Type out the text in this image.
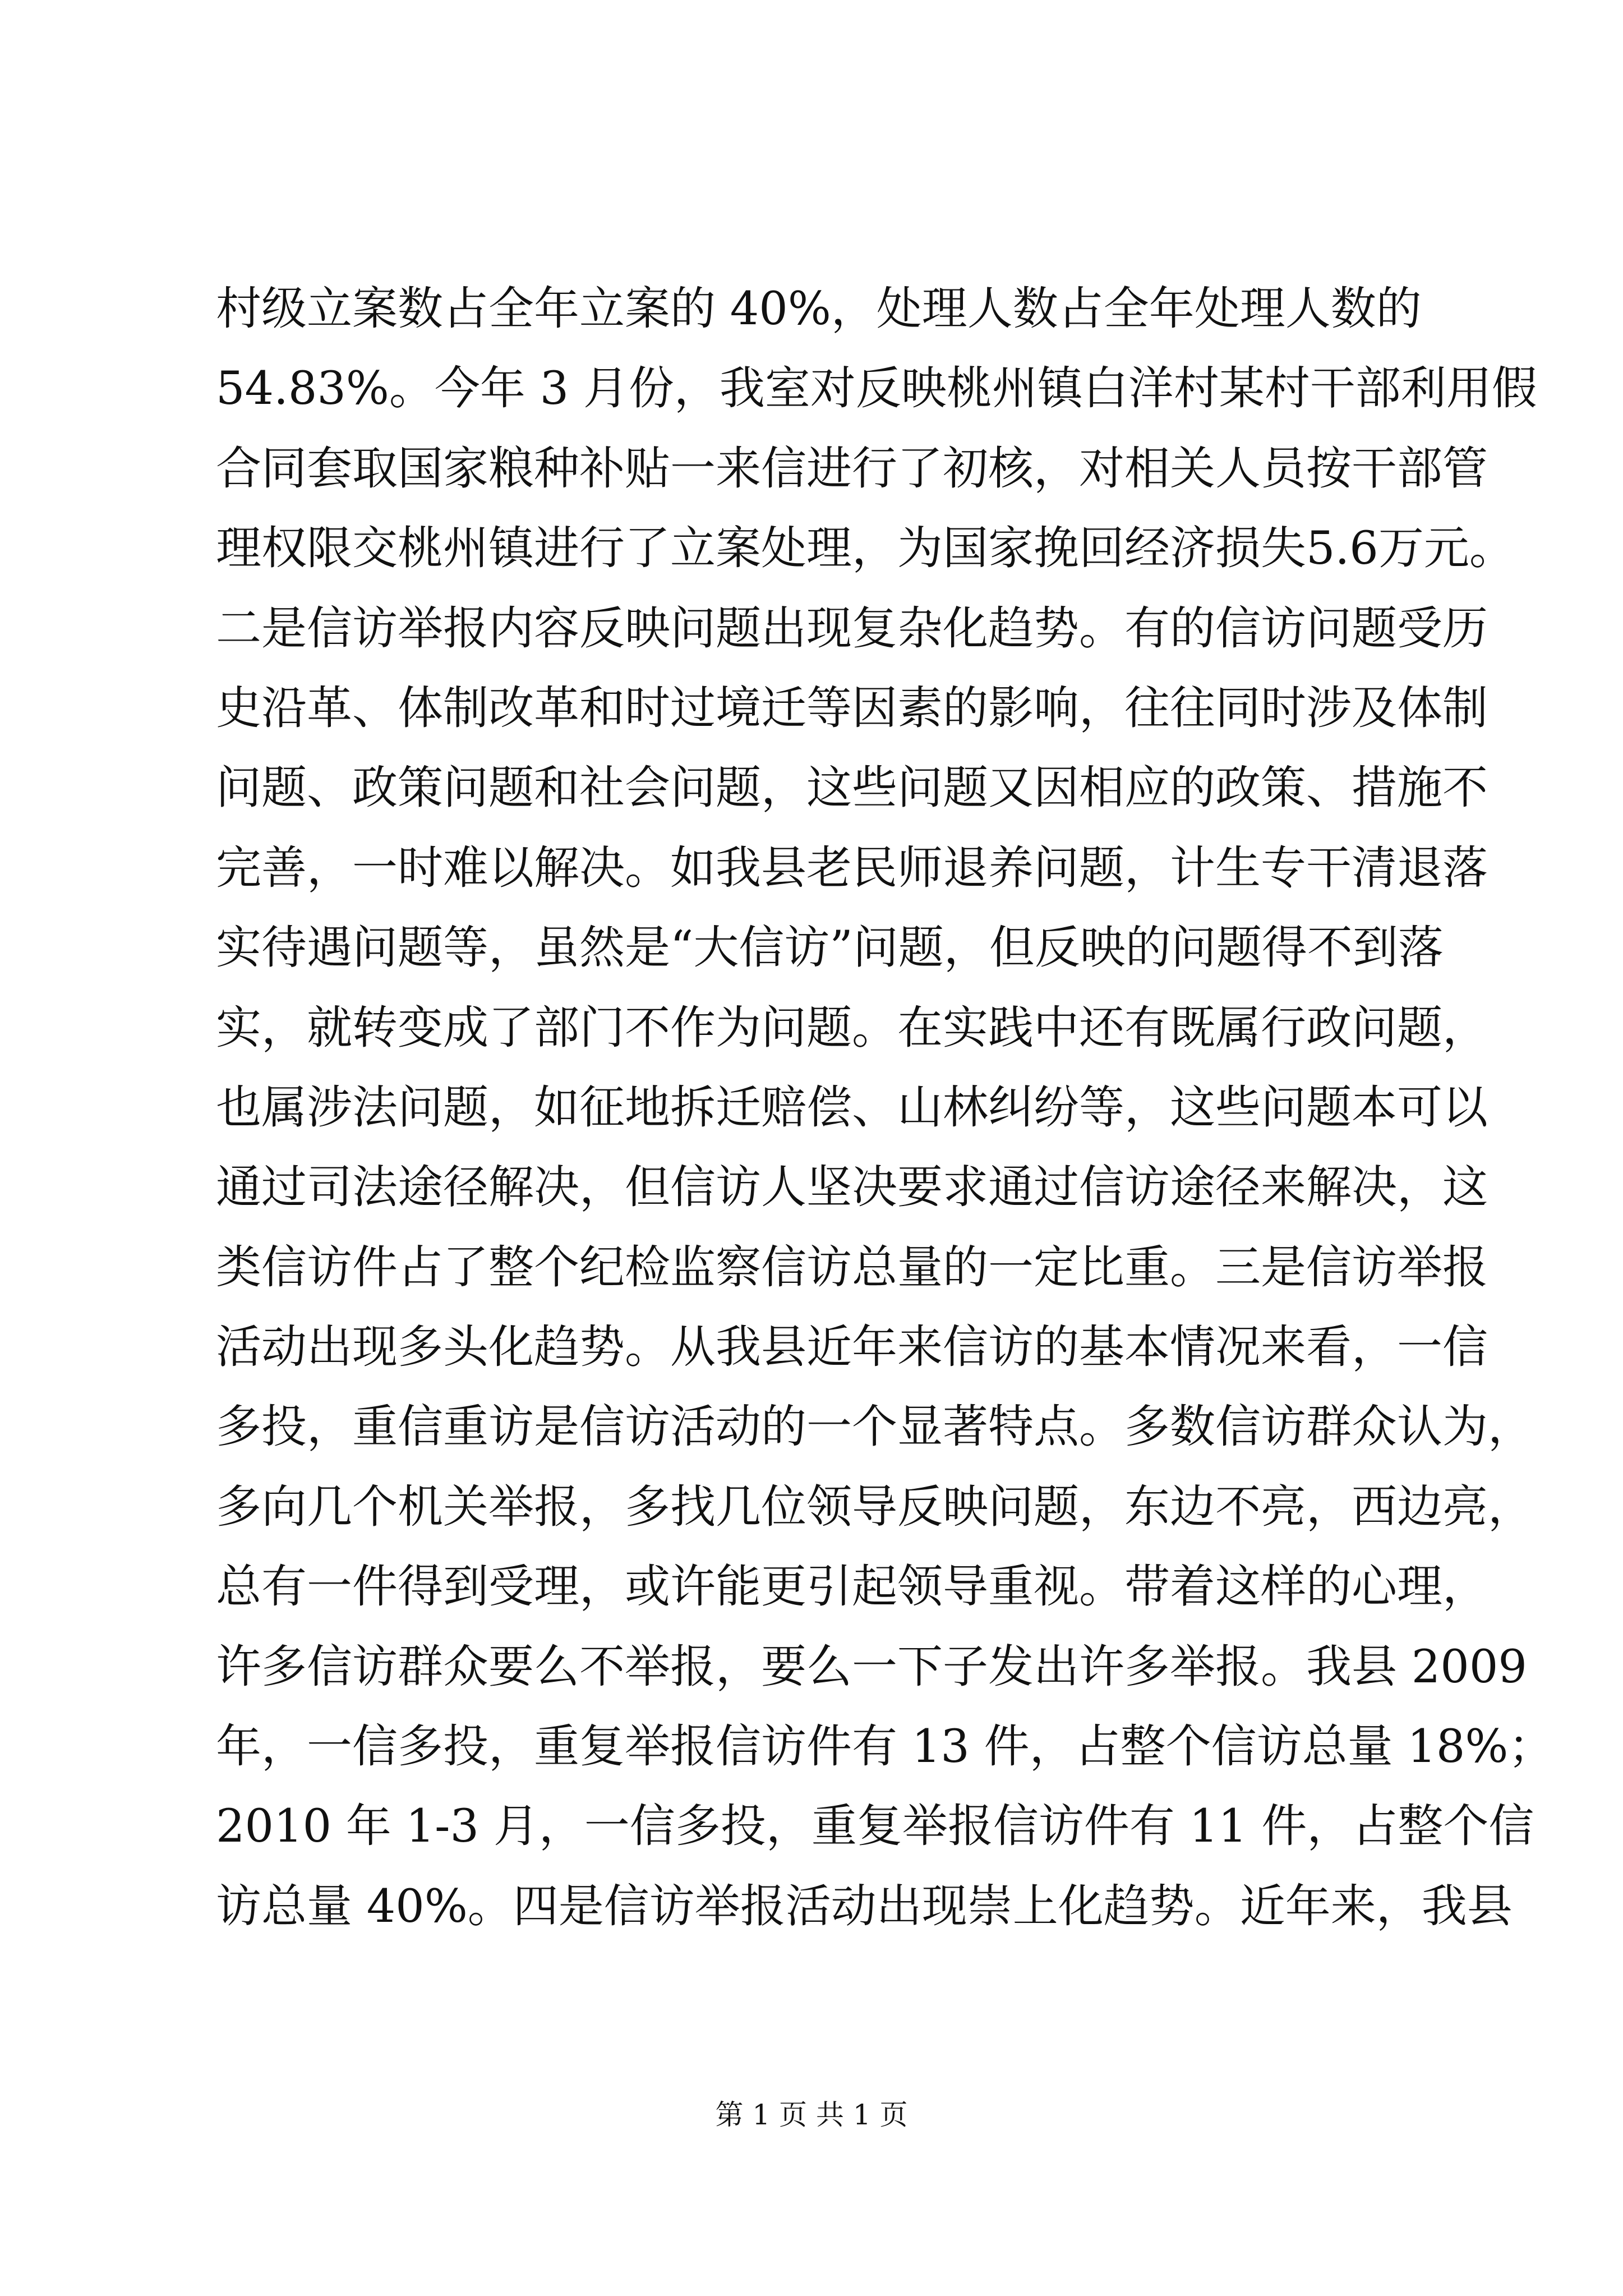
村级立案数占全年立案的 40%，处理人数占全年处理人数的
54.83%。今年 3 月份，我室对反映桃州镇白洋村某村干部利用假
合同套取国家粮种补贴一来信进行了初核，对相关人员按干部管
理权限交桃州镇进行了立案处理，为国家挽回经济损失5.6万元。
二是信访举报内容反映问题出现复杂化趋势。有的信访问题受历
史沿革、体制改革和时过境迁等因素的影响，往往同时涉及体制
问题、政策问题和社会问题，这些问题又因相应的政策、措施不
完善，一时难以解决。如我县老民师退养问题，计生专干清退落
实待遇问题等，虽然是“大信访”问题，但反映的问题得不到落
实，就转变成了部门不作为问题。在实践中还有既属行政问题，
也属涉法问题，如征地拆迁赔偿、山林纠纷等，这些问题本可以
通过司法途径解决，但信访人坚决要求通过信访途径来解决，这
类信访件占了整个纪检监察信访总量的一定比重。三是信访举报
活动出现多头化趋势。从我县近年来信访的基本情况来看，一信
多投，重信重访是信访活动的一个显著特点。多数信访群众认为，
多向几个机关举报，多找几位领导反映问题，东边不亮，西边亮，
总有一件得到受理，或许能更引起领导重视。带着这样的心理，
许多信访群众要么不举报，要么一下子发出许多举报。我县 2009
年，一信多投，重复举报信访件有 13 件，占整个信访总量 18%；
2010 年 1-3 月，一信多投，重复举报信访件有 11 件，占整个信
访总量 40%。四是信访举报活动出现崇上化趋势。近年来，我县
第 1 页 共 1 页
